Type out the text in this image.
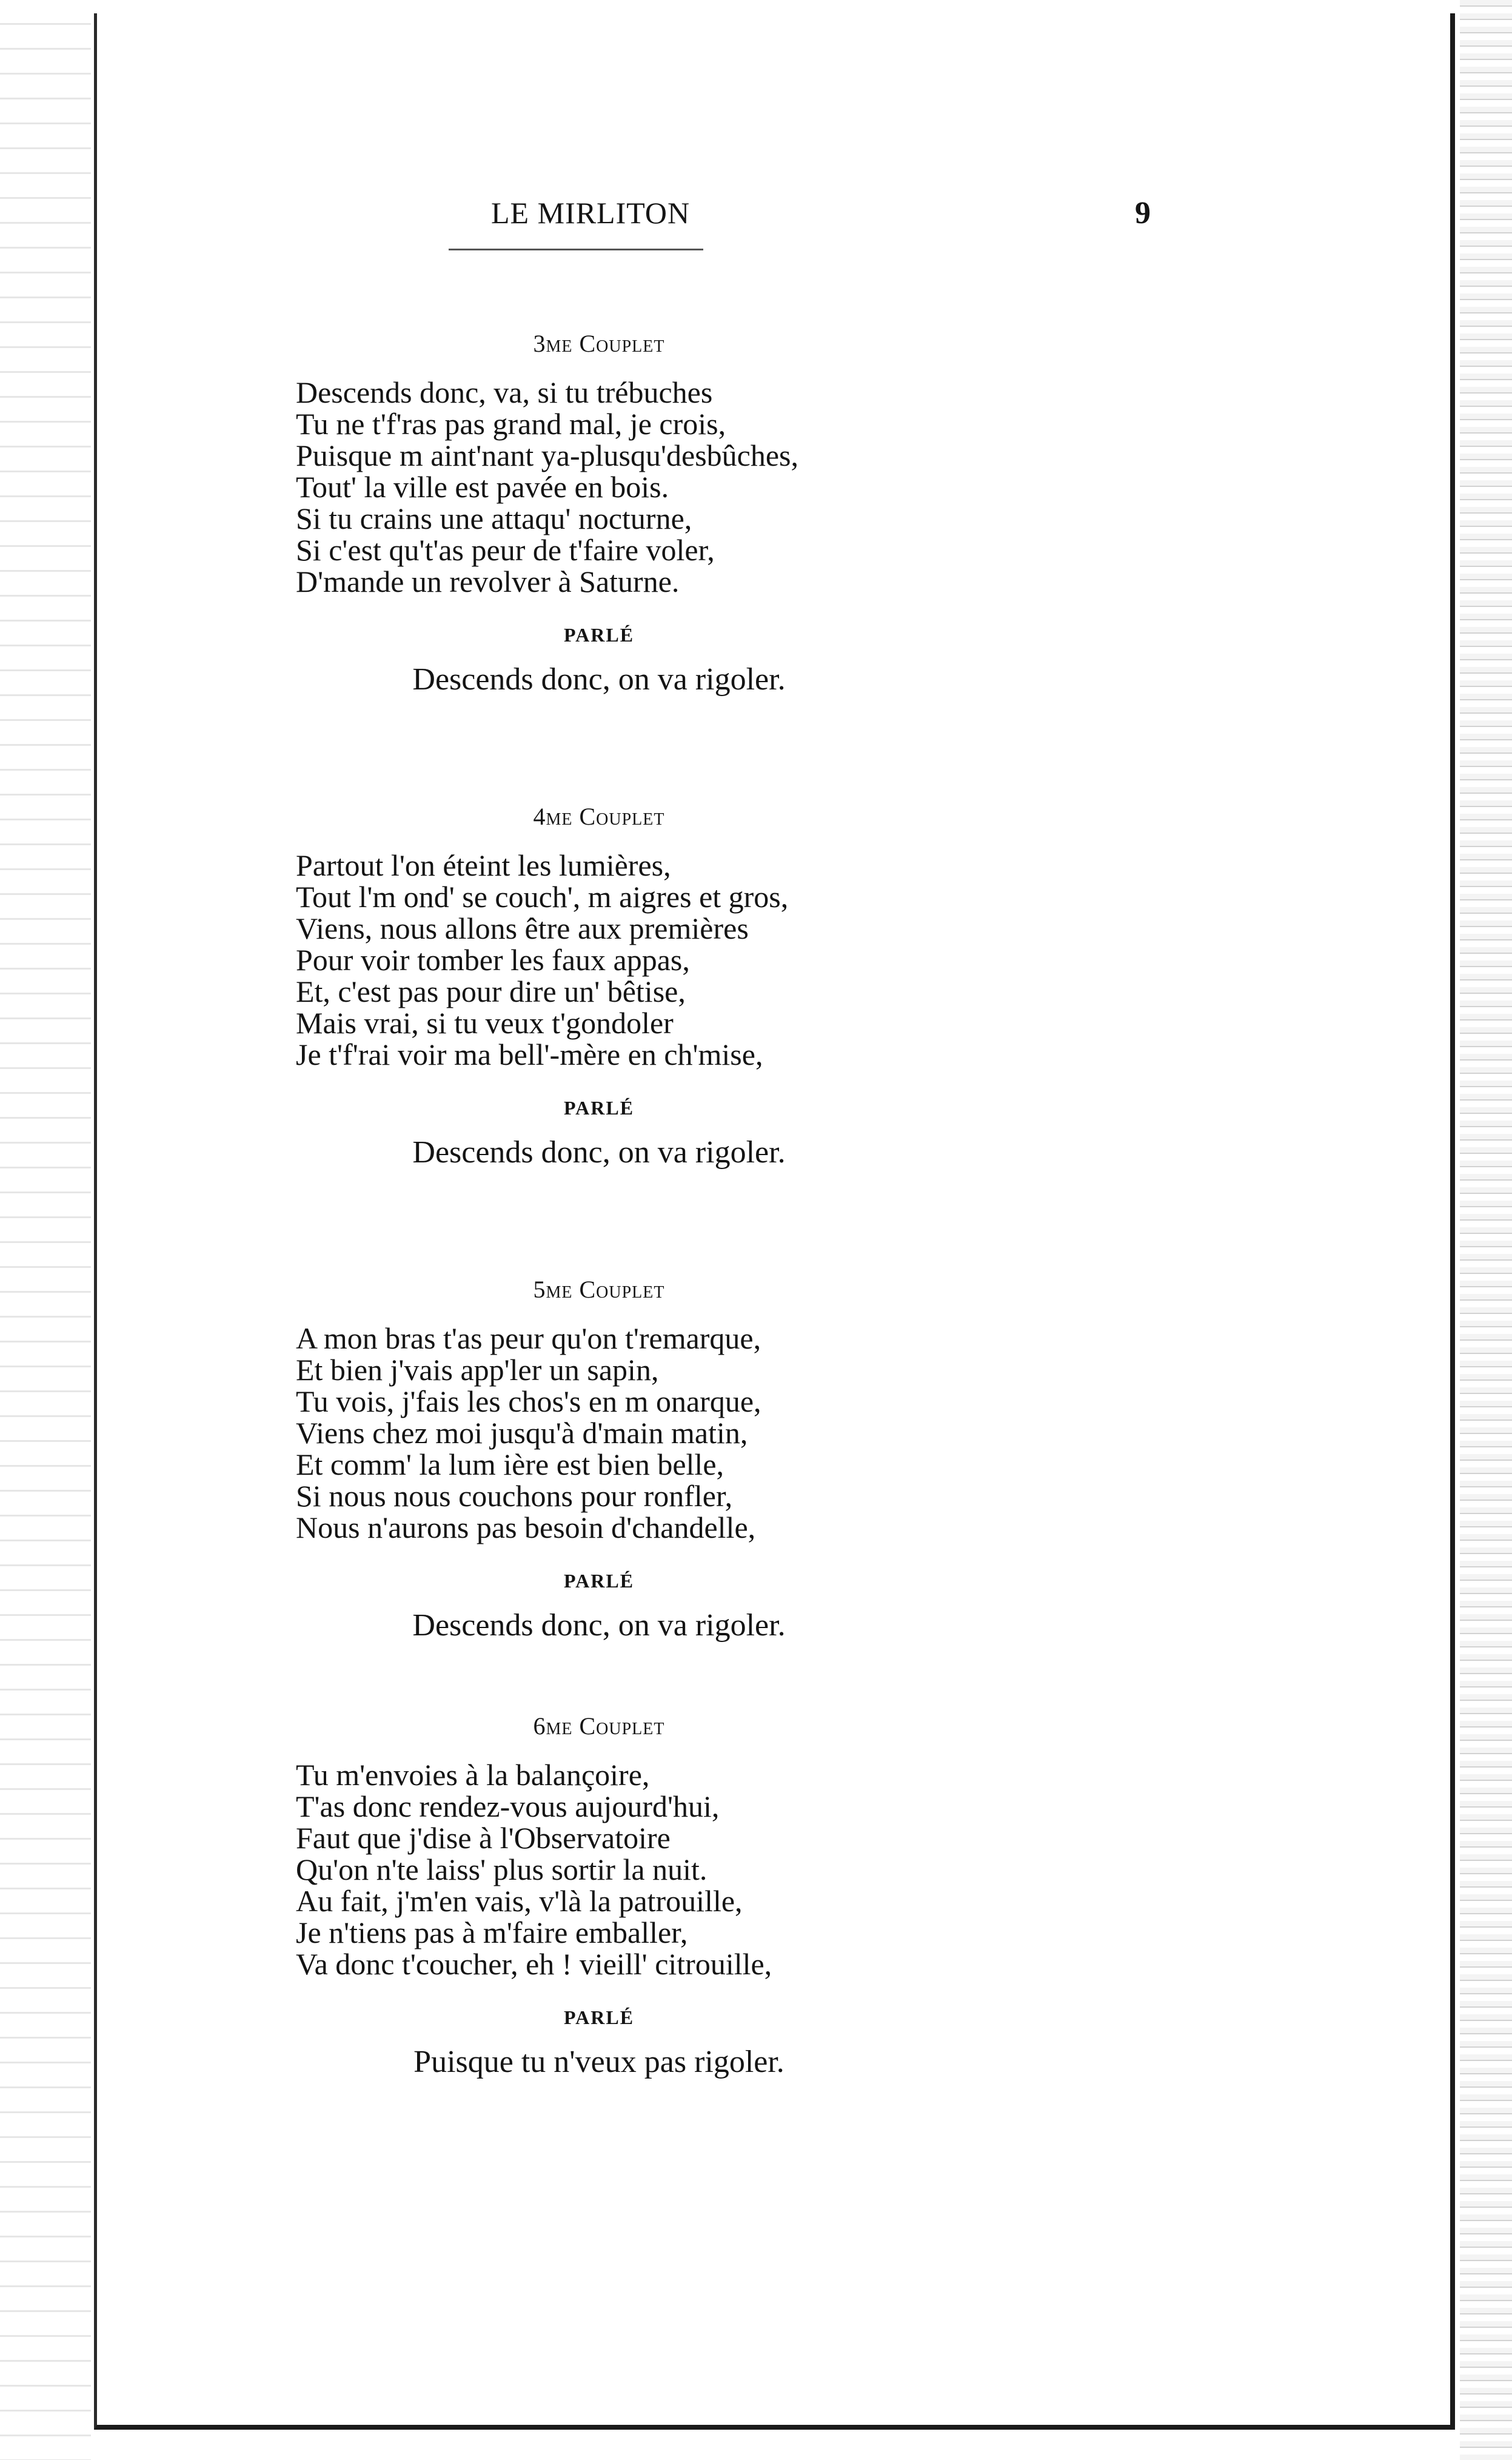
LE MIRLITON	9
3me Couplet
Descends donc, va, si tu trébuches
Tu ne t'f'ras pas grand mal, je crois,
Puisque m aint'nant ya-plusqu'desbûches,
Tout' la ville est pavée en bois.
Si tu crains une attaqu' nocturne,
Si c'est qu't'as peur de t'faire voler,
D'mande un revolver à Saturne.
PARLÉ
Descends donc, on va rigoler.
4me Couplet
Partout l'on éteint les lumières,
Tout l'm ond' se couch', m aigres et gros,
Viens, nous allons être aux premières
Pour voir tomber les faux appas,
Et, c'est pas pour dire un' bêtise,
Mais vrai, si tu veux t'gondoler
Je t'f'rai voir ma bell'-mère en ch'mise,
PARLÉ
Descends donc, on va rigoler.
5me Couplet
A mon bras t'as peur qu'on t'remarque,
Et bien j'vais app'ler un sapin,
Tu vois, j'fais les chos's en m onarque,
Viens chez moi jusqu'à d'main matin,
Et comm' la lum ière est bien belle,
Si nous nous couchons pour ronfler,
Nous n'aurons pas besoin d'chandelle,
PARLÉ
Descends donc, on va rigoler.
6me Couplet
Tu m'envoies à la balançoire,
T'as donc rendez-vous aujourd'hui,
Faut que j'dise à l'Observatoire
Qu'on n'te laiss' plus sortir la nuit.
Au fait, j'm'en vais, v'là la patrouille,
Je n'tiens pas à m'faire emballer,
Va donc t'coucher, eh ! vieill' citrouille,
PARLÉ
Puisque tu n'veux pas rigoler.
